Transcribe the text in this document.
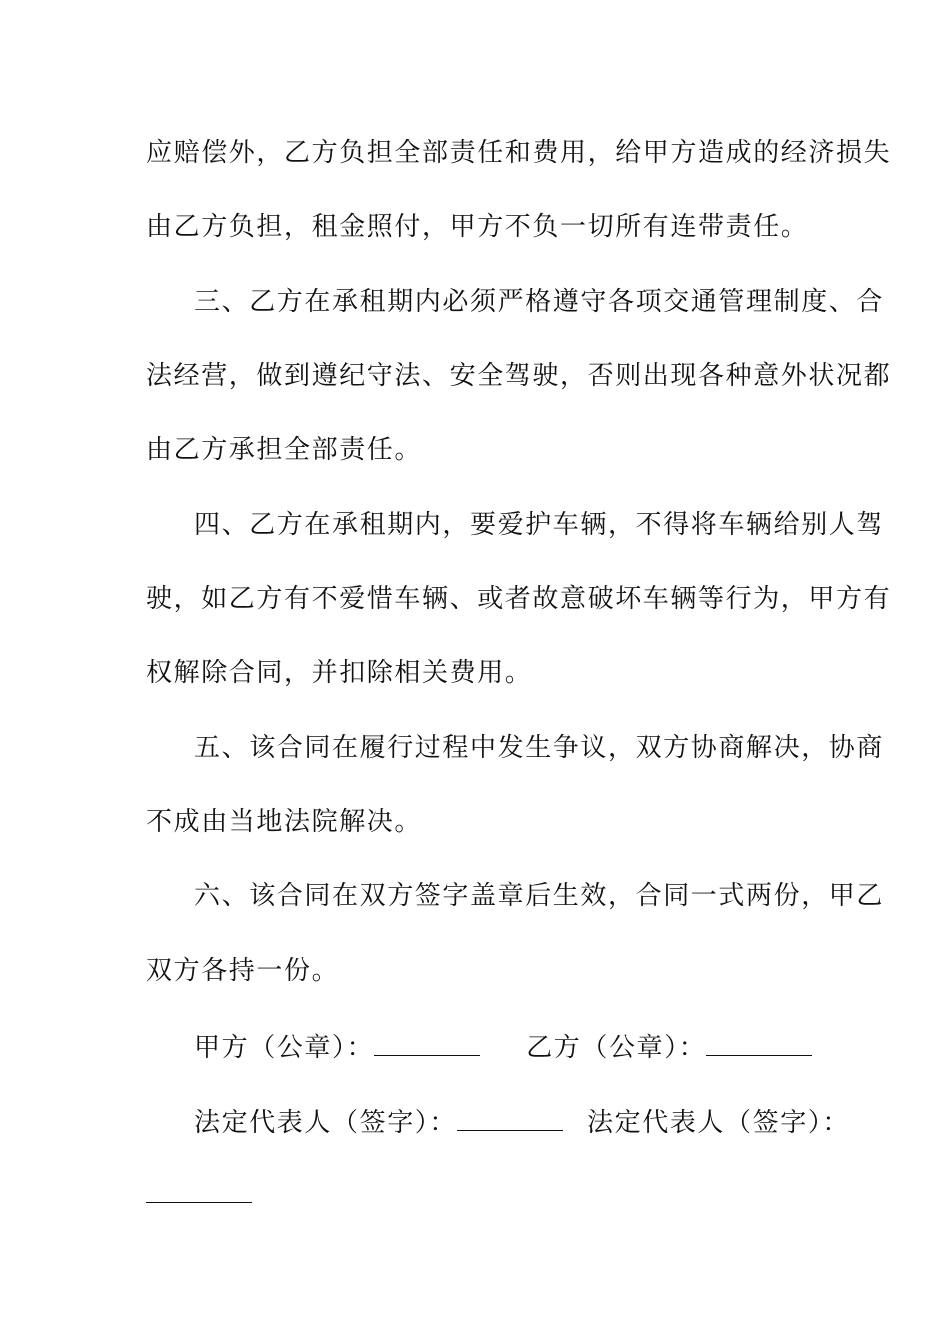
应赔偿外，乙方负担全部责任和费用，给甲方造成的经济损失
由乙方负担，租金照付，甲方不负一切所有连带责任。
三、乙方在承租期内必须严格遵守各项交通管理制度、合
法经营，做到遵纪守法、安全驾驶，否则出现各种意外状况都
由乙方承担全部责任。
四、乙方在承租期内，要爱护车辆，不得将车辆给别人驾
驶，如乙方有不爱惜车辆、或者故意破坏车辆等行为，甲方有
权解除合同，并扣除相关费用。
五、该合同在履行过程中发生争议，双方协商解决，协商
不成由当地法院解决。
六、该合同在双方签字盖章后生效，合同一式两份，甲乙
双方各持一份。
甲方（公章）：	乙方（公章）：
法定代表人（签字）：	法定代表人（签字）：
